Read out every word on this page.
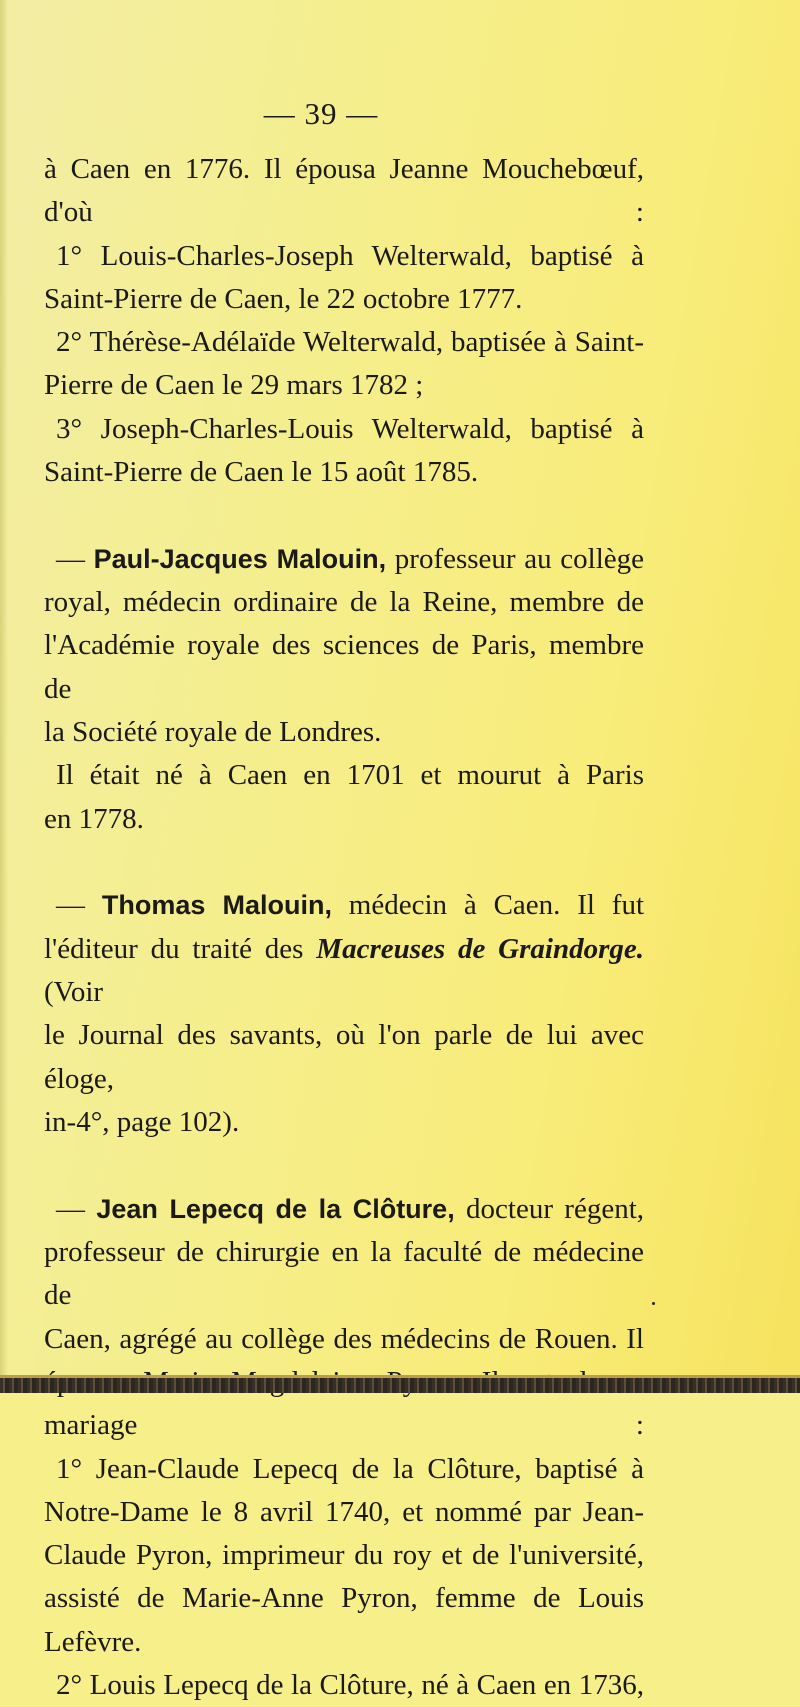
— 39 —

à Caen en 1776. Il épousa Jeanne Mouchebœuf, d'où :

1° Louis-Charles-Joseph Welterwald, baptisé à

Saint-Pierre de Caen, le 22 octobre 1777.

2° Thérèse-Adélaïde Welterwald, baptisée à Saint-

Pierre de Caen le 29 mars 1782 ;

3° Joseph-Charles-Louis Welterwald, baptisé à

Saint-Pierre de Caen le 15 août 1785.

— Paul-Jacques Malouin, professeur au collège

royal, médecin ordinaire de la Reine, membre de

l'Académie royale des sciences de Paris, membre de

la Société royale de Londres.

Il était né à Caen en 1701 et mourut à Paris

en 1778.

— Thomas Malouin, médecin à Caen. Il fut

l'éditeur du traité des Macreuses de Graindorge. (Voir

le Journal des savants, où l'on parle de lui avec éloge,

in-4°, page 102).

— Jean Lepecq de la Clôture, docteur régent,

professeur de chirurgie en la faculté de médecine de

Caen, agrégé au collège des médecins de Rouen. Il

mariage :

1° Jean-Claude Lepecq de la Clôture, baptisé à

Notre-Dame le 8 avril 1740, et nommé par Jean-

Claude Pyron, imprimeur du roy et de l'université,

assisté de Marie-Anne Pyron, femme de Louis

Lefèvre.

2° Louis Lepecq de la Clôture, né à Caen en 1736,
